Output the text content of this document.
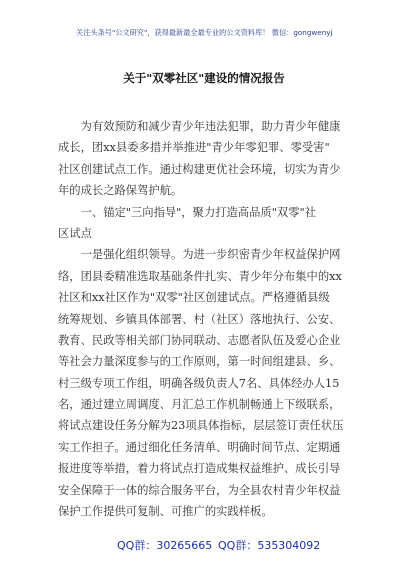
关注头条号"公文研究"，获得最新最全最专业的公文资料库！ 微信：gongwenyj
关于"双零社区"建设的情况报告
　　为有效预防和减少青少年违法犯罪，助力青少年健康
成长，团xx县委多措并举推进"青少年零犯罪、零受害"
社区创建试点工作。通过构建更优社会环境，切实为青少
年的成长之路保驾护航。
　　一、锚定"三向指导"，聚力打造高品质"双零"社
区试点
　　一是强化组织领导。为进一步织密青少年权益保护网
络，团县委精准选取基础条件扎实、青少年分布集中的xx
社区和xx社区作为"双零"社区创建试点。严格遵循县级
统筹规划、乡镇具体部署、村（社区）落地执行、公安、
教育、民政等相关部门协同联动、志愿者队伍及爱心企业
等社会力量深度参与的工作原则，第一时间组建县、乡、
村三级专项工作组，明确各级负责人7名、具体经办人15
名，通过建立周调度、月汇总工作机制畅通上下级联系，
将试点建设任务分解为23项具体指标，层层签订责任状压
实工作担子。通过细化任务清单、明确时间节点、定期通
报进度等举措，着力将试点打造成集权益维护、成长引导
安全保障于一体的综合服务平台，为全县农村青少年权益
保护工作提供可复制、可推广的实践样板。
QQ群：30265665 QQ群：535304092
